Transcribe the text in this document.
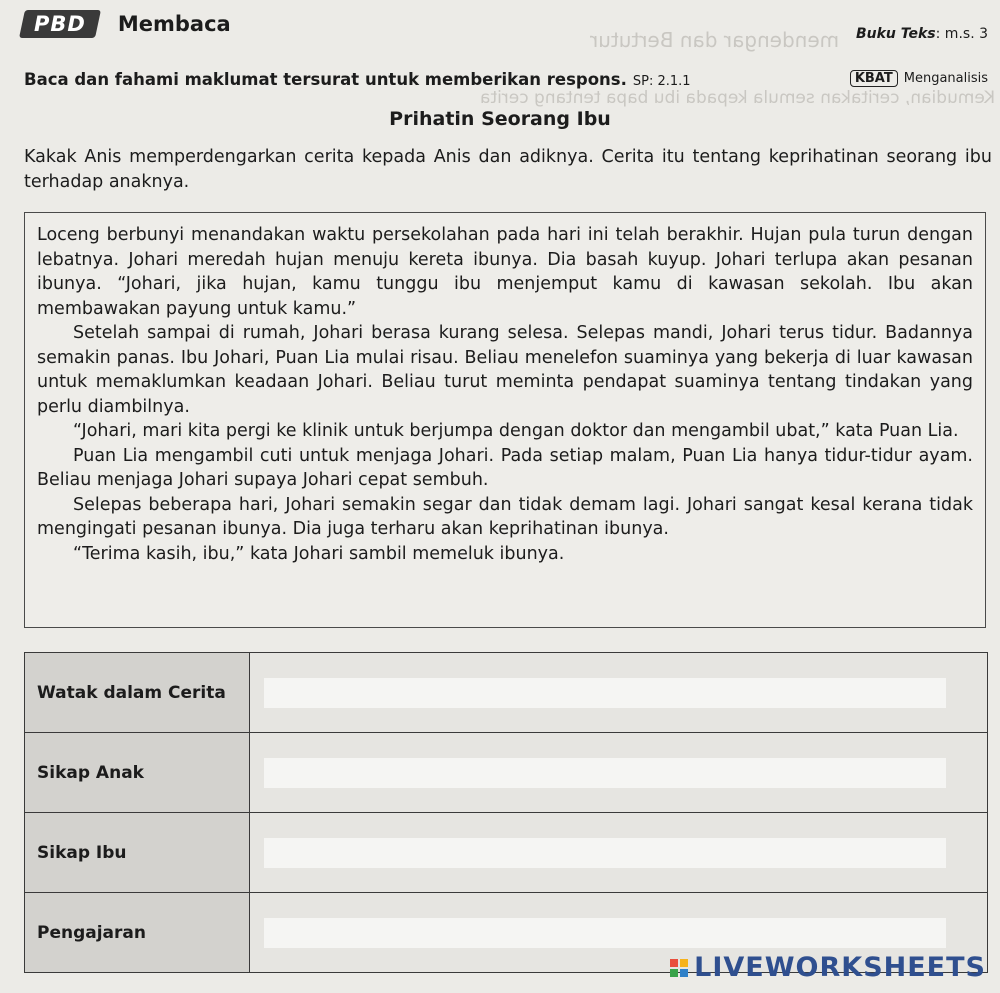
mendengar dan Bertutur
Kemudian, ceritakan semula kepada ibu bapa tentang cerita
PBD	Membaca	Buku Teks: m.s. 3
Baca dan fahami maklumat tersurat untuk memberikan respons. SP: 2.1.1	KBAT Menganalisis
Prihatin Seorang Ibu
Kakak Anis memperdengarkan cerita kepada Anis dan adiknya. Cerita itu tentang keprihatinan seorang ibu terhadap anaknya.

Loceng berbunyi menandakan waktu persekolahan pada hari ini telah berakhir. Hujan pula turun dengan lebatnya. Johari meredah hujan menuju kereta ibunya. Dia basah kuyup. Johari terlupa akan pesanan ibunya. “Johari, jika hujan, kamu tunggu ibu menjemput kamu di kawasan sekolah. Ibu akan membawakan payung untuk kamu.”

Setelah sampai di rumah, Johari berasa kurang selesa. Selepas mandi, Johari terus tidur. Badannya semakin panas. Ibu Johari, Puan Lia mulai risau. Beliau menelefon suaminya yang bekerja di luar kawasan untuk memaklumkan keadaan Johari. Beliau turut meminta pendapat suaminya tentang tindakan yang perlu diambilnya.

“Johari, mari kita pergi ke klinik untuk berjumpa dengan doktor dan mengambil ubat,” kata Puan Lia.

Puan Lia mengambil cuti untuk menjaga Johari. Pada setiap malam, Puan Lia hanya tidur-tidur ayam. Beliau menjaga Johari supaya Johari cepat sembuh.

Selepas beberapa hari, Johari semakin segar dan tidak demam lagi. Johari sangat kesal kerana tidak mengingati pesanan ibunya. Dia juga terharu akan keprihatinan ibunya.

“Terima kasih, ibu,” kata Johari sambil memeluk ibunya.

Watak dalam Cerita	
Sikap Anak	
Sikap Ibu	
Pengajaran	
LIVEWORKSHEETS
